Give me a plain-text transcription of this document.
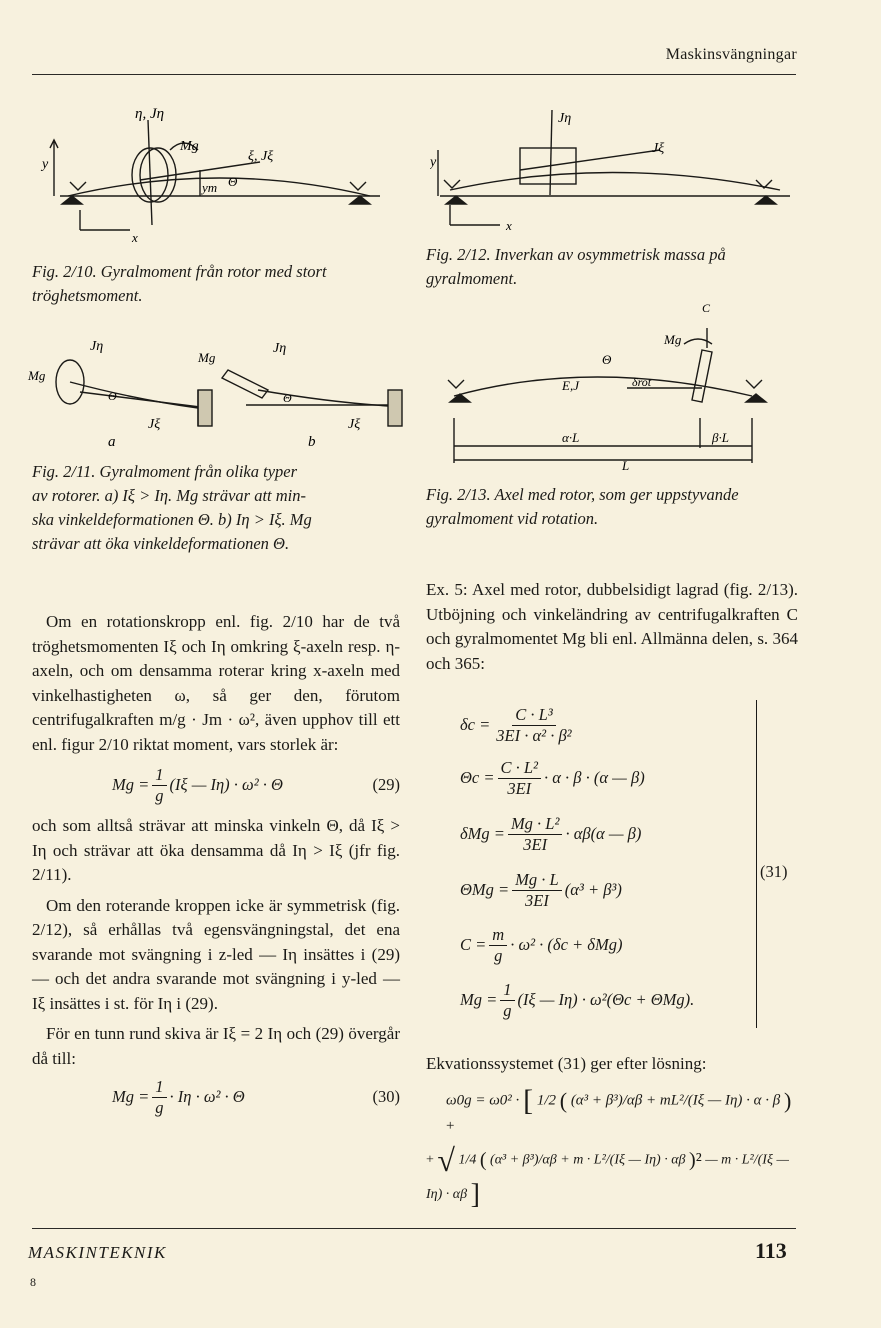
Maskinsvängningar
η, Jη
Mg
ξ, Jξ
y
Θ
ym
x
Fig. 2/10. Gyralmoment från rotor med stort tröghetsmoment.
Mg
Jη
Θ
Jξ
a
Mg
Jη
Θ
Jξ
b
Fig. 2/11. Gyralmoment från olika typer
av rotorer. a) Iξ > Iη. Mg strävar att min-
ska vinkeldeformationen Θ. b) Iη > Iξ. Mg
strävar att öka vinkeldeformationen Θ.

Om en rotationskropp enl. fig. 2/10 har de två tröghetsmomenten Iξ och Iη omkring ξ-axeln resp. η-axeln, och om densamma roterar kring x-axeln med vinkelhastigheten ω, så ger den, förutom centrifugalkraften m/g · Jm · ω², även upphov till ett enl. figur 2/10 riktat moment, vars storlek är:

$Mg = \frac{1}{g} (I\xi$ — Iη) · ω² · Θ	(29)

och som alltså strävar att minska vinkeln Θ, då Iξ > Iη och strävar att öka densamma då Iη > Iξ (jfr fig. 2/11).

Om den roterande kroppen icke är symmetrisk (fig. 2/12), så erhållas två egensvängningstal, det ena svarande mot svängning i z-led — Iη insättes i (29) — och det andra svarande mot svängning i y-led — Iξ insättes i st. för Iη i (29).

För en tunn rund skiva är Iξ = 2 Iη och (29) övergår då till:

$Mg = \frac{1}{g} \cdot I\eta \cdot \omega^2 \cdot \Theta$	(30)
Jη
Jξ
y
x
Fig. 2/12. Inverkan av osymmetrisk massa på gyralmoment.
C
Mg
Θ
E,J	δrot
α·L	β·L
L
Fig. 2/13. Axel med rotor, som ger uppstyvande gyralmoment vid rotation.

Ex. 5: Axel med rotor, dubbelsidigt lagrad (fig. 2/13). Utböjning och vinkeländring av centrifugalkraften C och gyralmomentet Mg bli enl. Allmänna delen, s. 364 och 365:

$\delta c = \frac{\text{C · L³}}{\text{3EI · α² · β²}}$
$\Theta c = \frac{\text{C · L²}}{3EI} \cdot \alpha \cdot \beta \cdot (\alpha$ — β)
$\delta Mg = \frac{\text{Mg · L²}}{3EI} \cdot \alpha\beta(\alpha$ — β)
$\Theta Mg = \frac{Mg \cdot L}{3EI} (\alpha^3 + \beta^3)$
$C = \frac{m}{g} \cdot \omega^2 \cdot (\delta c + \delta Mg)$
$Mg = \frac{1}{g} (I\xi$ — Iη) · ω²(Θc + ΘMg).
(31)
Ekvationssystemet (31) ger efter lösning:
ω0g = ω0² · [ 1/2 ( (α³ + β³)/αβ + mL²/(Iξ — Iη) · α · β ) +
+ √ 1/4 ( (α³ + β³)/αβ + m · L²/(Iξ — Iη) · αβ )² — m · L²/(Iξ — Iη) · αβ ]
MASKINTEKNIK	113
8
